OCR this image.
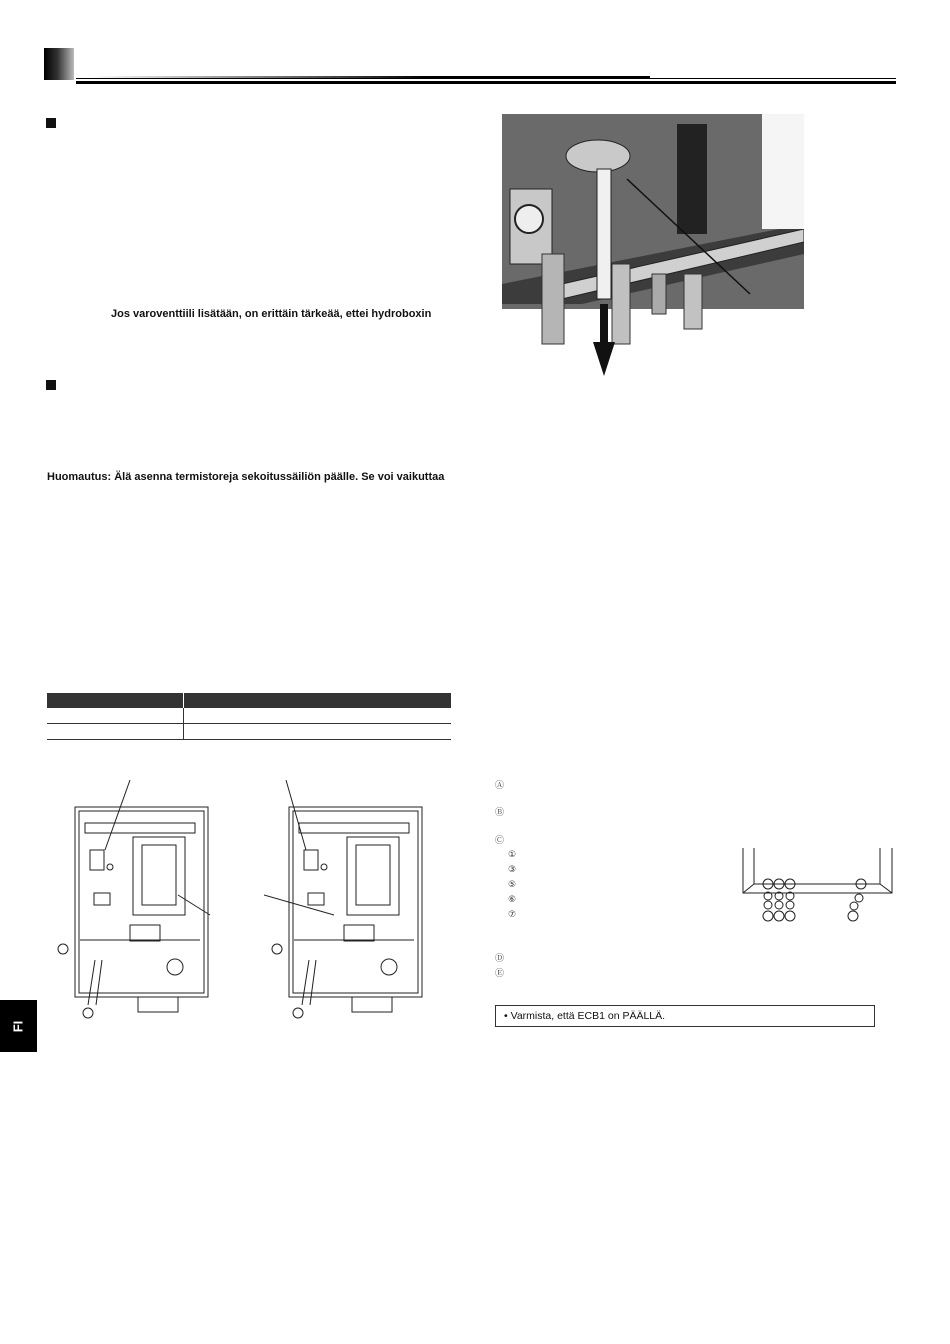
Jos varoventtiili lisätään, on erittäin tärkeää, ettei hydroboxin
Huomautus: Älä asenna termistoreja sekoitussäiliön päälle. Se voi vaikuttaa

Ⓐ
Ⓑ
Ⓒ
①
③
⑤
⑥
⑦
Ⓓ
Ⓔ
• Varmista, että ECB1 on PÄÄLLÄ.
FI
